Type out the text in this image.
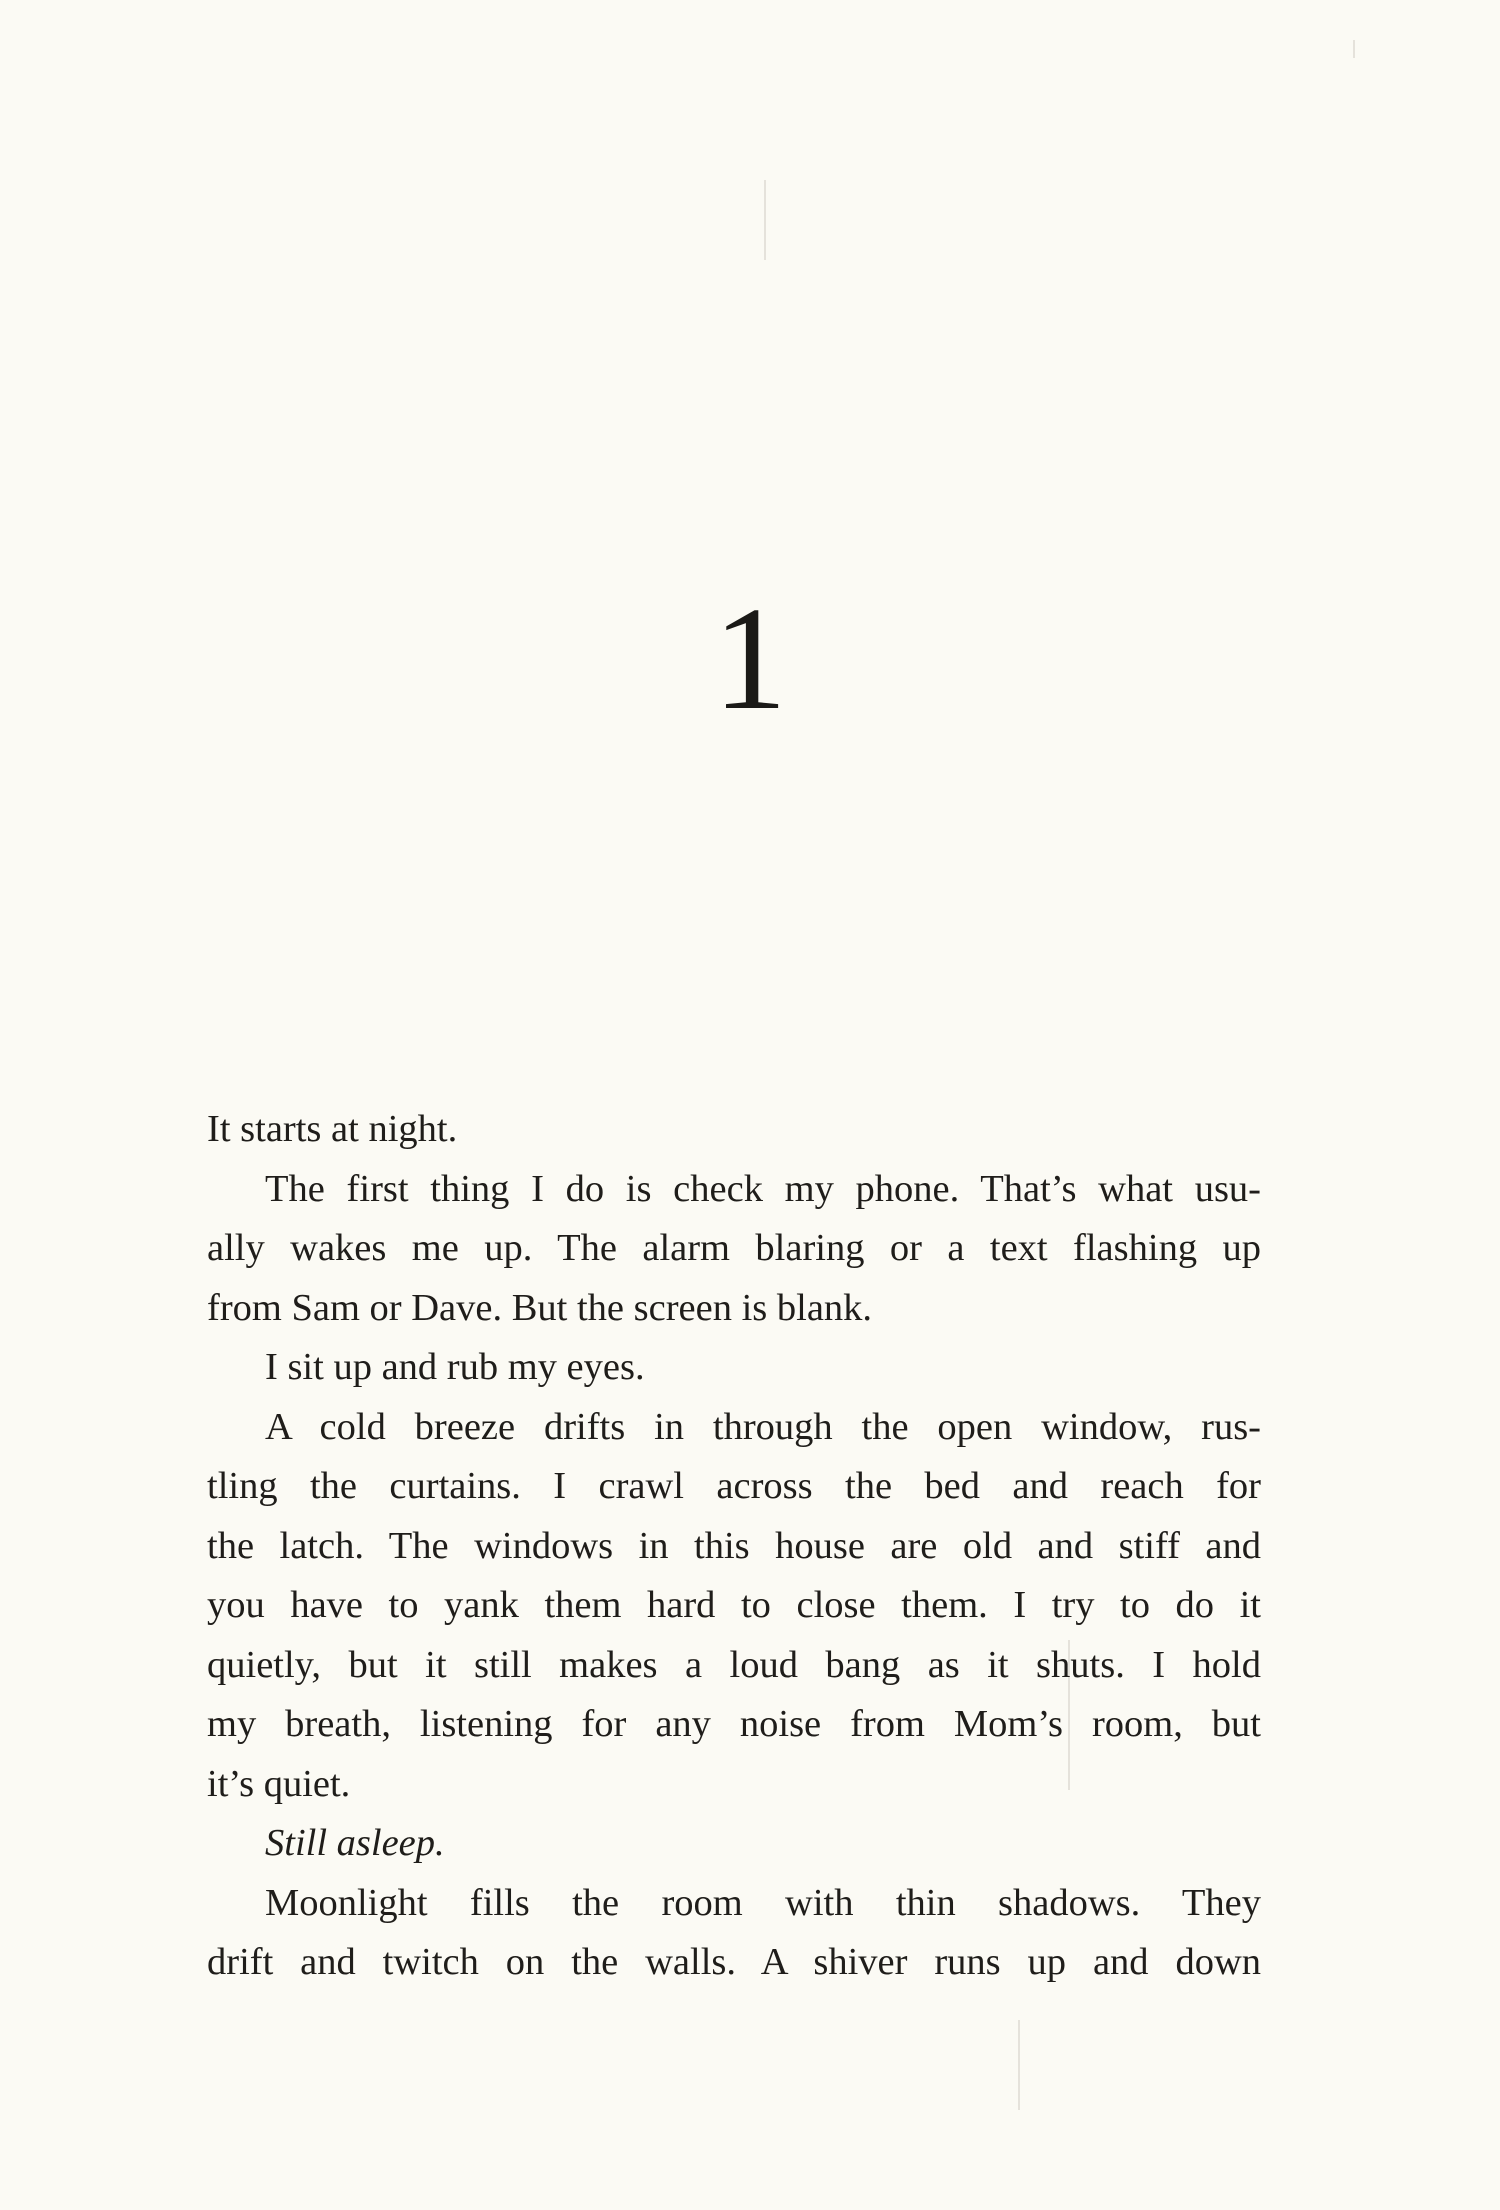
1
It starts at night.
The first thing I do is check my phone. That’s what usu-
ally wakes me up. The alarm blaring or a text flashing up
from Sam or Dave. But the screen is blank.
I sit up and rub my eyes.
A cold breeze drifts in through the open window, rus-
tling the curtains. I crawl across the bed and reach for
the latch. The windows in this house are old and stiff and
you have to yank them hard to close them. I try to do it
quietly, but it still makes a loud bang as it shuts. I hold
my breath, listening for any noise from Mom’s room, but
it’s quiet.
Still asleep.
Moonlight fills the room with thin shadows. They
drift and twitch on the walls. A shiver runs up and down
